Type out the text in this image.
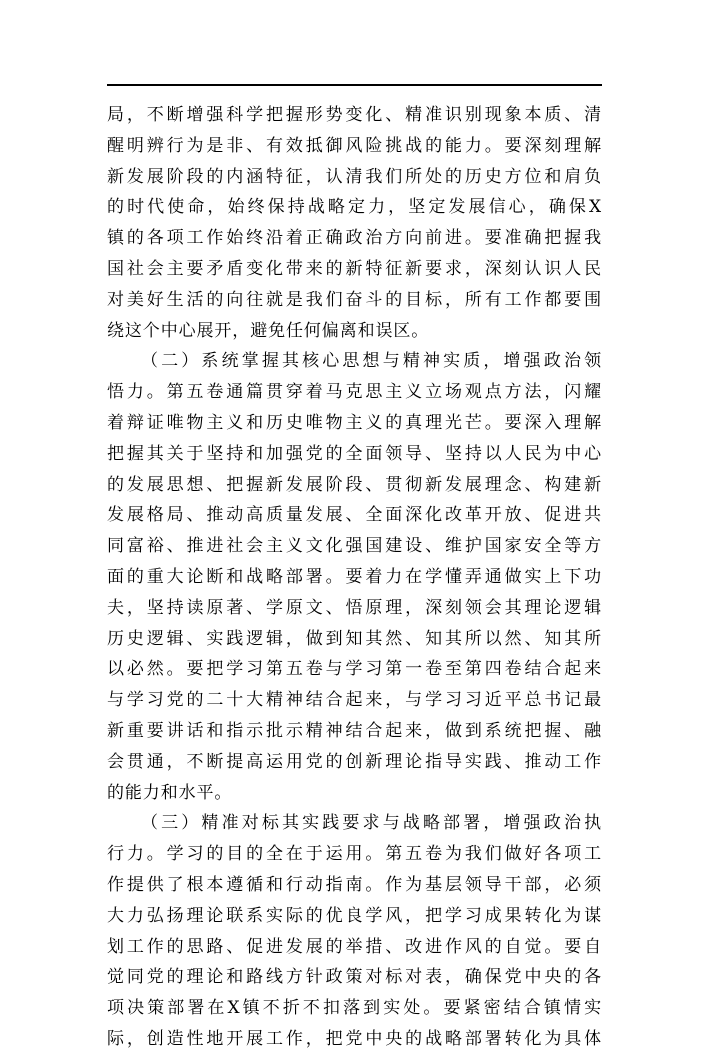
局，不断增强科学把握形势变化、精准识别现象本质、清
醒明辨行为是非、有效抵御风险挑战的能力。要深刻理解
新发展阶段的内涵特征，认清我们所处的历史方位和肩负
的时代使命，始终保持战略定力，坚定发展信心，确保X
镇的各项工作始终沿着正确政治方向前进。要准确把握我
国社会主要矛盾变化带来的新特征新要求，深刻认识人民
对美好生活的向往就是我们奋斗的目标，所有工作都要围
绕这个中心展开，避免任何偏离和误区。

（二）系统掌握其核心思想与精神实质，增强政治领
悟力。第五卷通篇贯穿着马克思主义立场观点方法，闪耀
着辩证唯物主义和历史唯物主义的真理光芒。要深入理解
把握其关于坚持和加强党的全面领导、坚持以人民为中心
的发展思想、把握新发展阶段、贯彻新发展理念、构建新
发展格局、推动高质量发展、全面深化改革开放、促进共
同富裕、推进社会主义文化强国建设、维护国家安全等方
面的重大论断和战略部署。要着力在学懂弄通做实上下功
夫，坚持读原著、学原文、悟原理，深刻领会其理论逻辑
历史逻辑、实践逻辑，做到知其然、知其所以然、知其所
以必然。要把学习第五卷与学习第一卷至第四卷结合起来
与学习党的二十大精神结合起来，与学习习近平总书记最
新重要讲话和指示批示精神结合起来，做到系统把握、融
会贯通，不断提高运用党的创新理论指导实践、推动工作
的能力和水平。

（三）精准对标其实践要求与战略部署，增强政治执
行力。学习的目的全在于运用。第五卷为我们做好各项工
作提供了根本遵循和行动指南。作为基层领导干部，必须
大力弘扬理论联系实际的优良学风，把学习成果转化为谋
划工作的思路、促进发展的举措、改进作风的自觉。要自
觉同党的理论和路线方针政策对标对表，确保党中央的各
项决策部署在X镇不折不扣落到实处。要紧密结合镇情实
际，创造性地开展工作，把党中央的战略部署转化为具体
